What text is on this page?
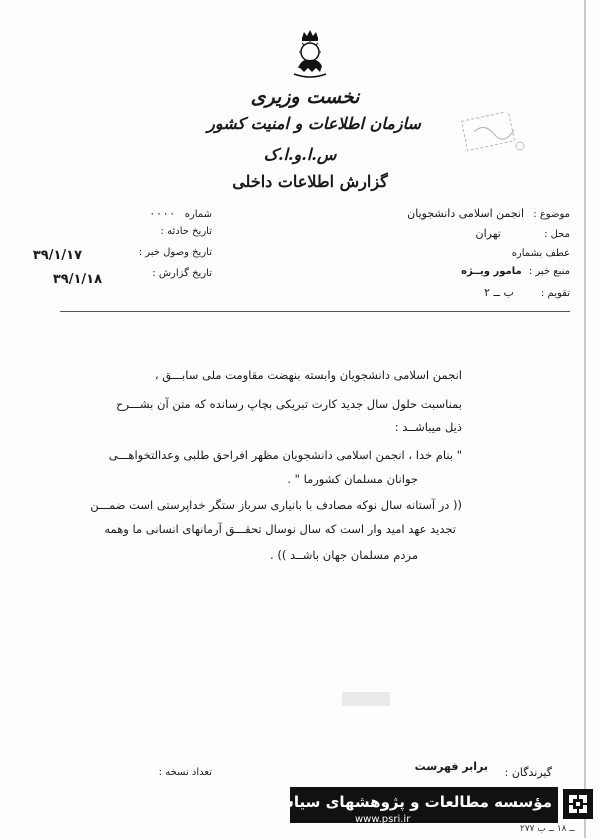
نخست وزیری
سازمان اطلاعات و امنیت کشور
س.ا.و.ا.ک
گزارش اطلاعات داخلی
موضوع : انجمن اسلامی دانشجویان
محل : تهران
عطف بشماره
منبع خبر : مامور ویــژه
تقویم : ب ــ ۲
شماره ۰۰۰۰
تاریخ حادثه :
تاریخ وصول خبر :
۳۹/۱/۱۷
تاریخ گزارش :
۳۹/۱/۱۸
انجمن اسلامی دانشجویان وابسته بنهضت مقاومت ملی سابـــق ،
بمناسبت حلول سال جدید کارت تبریکی بچاپ رسانده که متن آن بشـــرح
ذیل میباشــد :
" بنام خدا ، انجمن اسلامی دانشجویان مظهر افراحق طلبی وعدالتخواهـــی
جوانان مسلمان کشورما " .
(( در آستانه سال نوکه مصادف با بانیاری سرباز ستگر خداپرستی است ضمـــن
تجدید عهد امید وار است که سال نوسال تحقـــق آرمانهای انسانی ما وهمه
مردم مسلمان جهان باشــد )) .
گیرندگان :
برابر فهرست
تعداد نسخه :
مؤسسه مطالعات و پژوهشهای سیاسی
www.psri.ir
۲۷۷ ــ ۱۸ ــ ب
